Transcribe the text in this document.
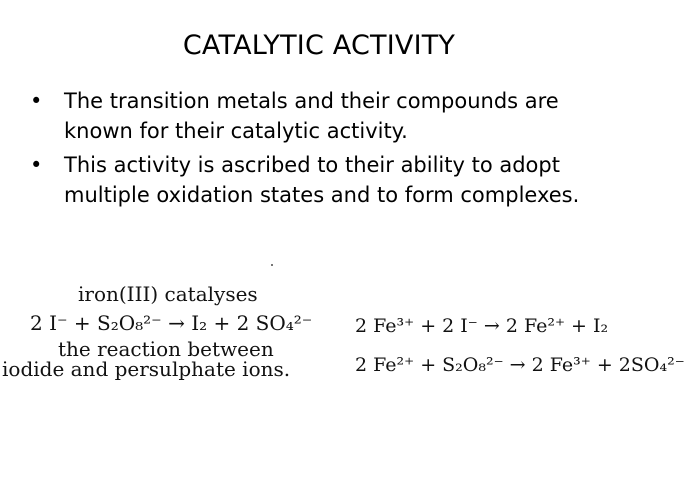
CATALYTIC ACTIVITY
• The transition metals and their compounds are known for their catalytic activity.
• This activity is ascribed to their ability to adopt multiple oxidation states and to form complexes.
iron(III) catalyses
2 I⁻ + S₂O₈²⁻ → I₂ + 2 SO₄²⁻
the reaction between
iodide and persulphate ions.
2 Fe³⁺ + 2 I⁻ → 2 Fe²⁺ + I₂
2 Fe²⁺ + S₂O₈²⁻ → 2 Fe³⁺ + 2SO₄²⁻
